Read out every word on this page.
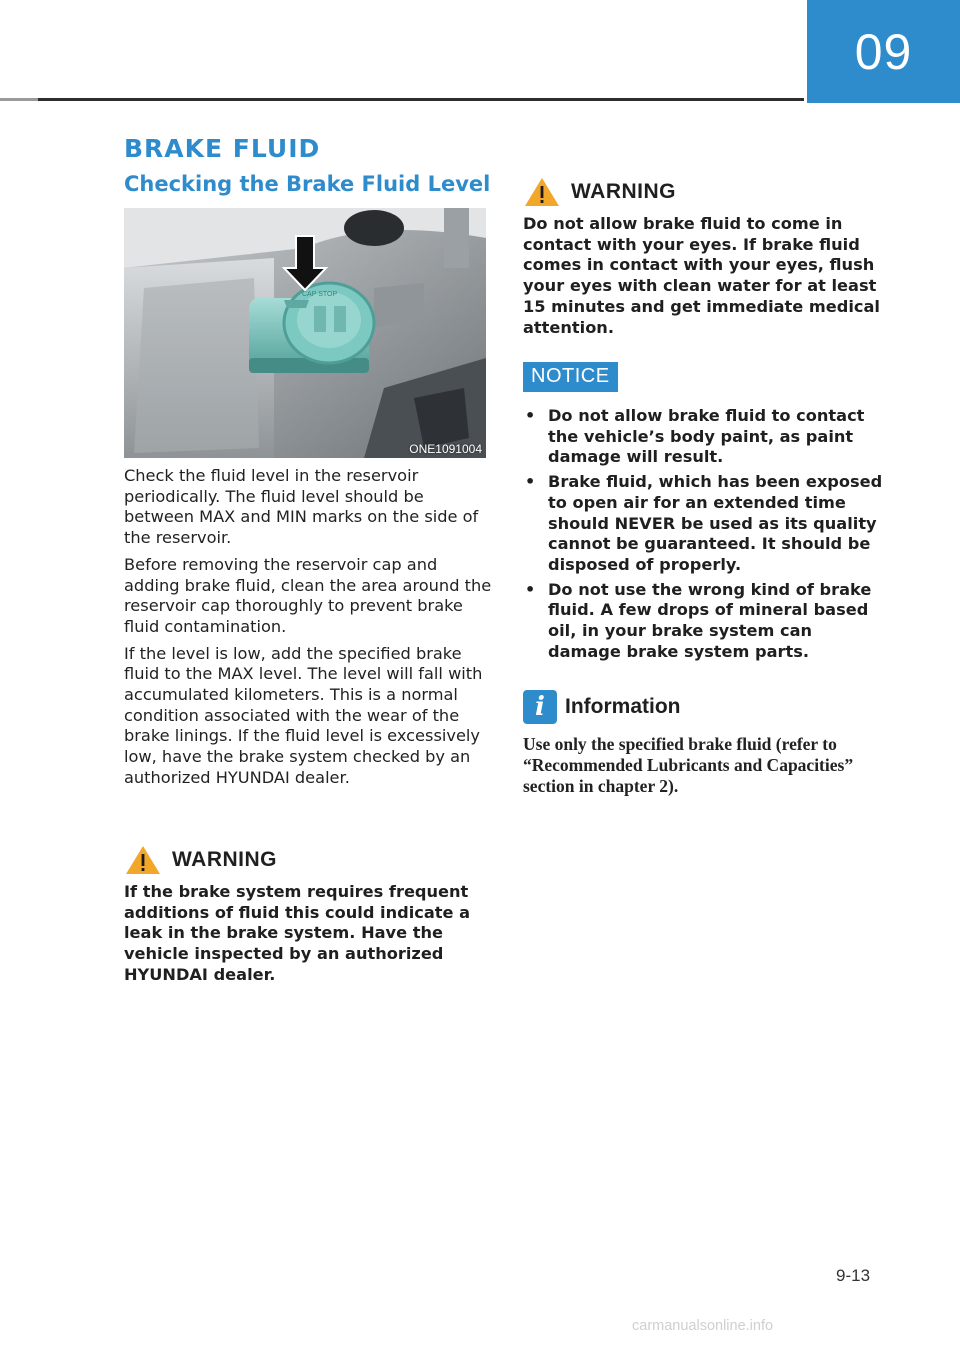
09
BRAKE FLUID
Checking the Brake Fluid Level
CAP STOP
ONE1091004

Check the fluid level in the reservoir periodically. The fluid level should be between MAX and MIN marks on the side of the reservoir.

Before removing the reservoir cap and adding brake fluid, clean the area around the reservoir cap thoroughly to prevent brake fluid contamination.

If the level is low, add the specified brake fluid to the MAX level. The level will fall with accumulated kilometers. This is a normal condition associated with the wear of the brake linings. If the fluid level is excessively low, have the brake system checked by an authorized HYUNDAI dealer.

WARNING

If the brake system requires frequent additions of fluid this could indicate a leak in the brake system. Have the vehicle inspected by an authorized HYUNDAI dealer.

WARNING

Do not allow brake fluid to come in contact with your eyes. If brake fluid comes in contact with your eyes, flush your eyes with clean water for at least 15 minutes and get immediate medical attention.

NOTICE
• Do not allow brake fluid to contact the vehicle’s body paint, as paint damage will result.

• Brake fluid, which has been exposed to open air for an extended time should NEVER be used as its quality cannot be guaranteed. It should be disposed of properly.

• Do not use the wrong kind of brake fluid. A few drops of mineral based oil, in your brake system can damage brake system parts.

i Information

Use only the specified brake fluid (refer to “Recommended Lubricants and Capacities” section in chapter 2).

9-13
carmanualsonline.info
